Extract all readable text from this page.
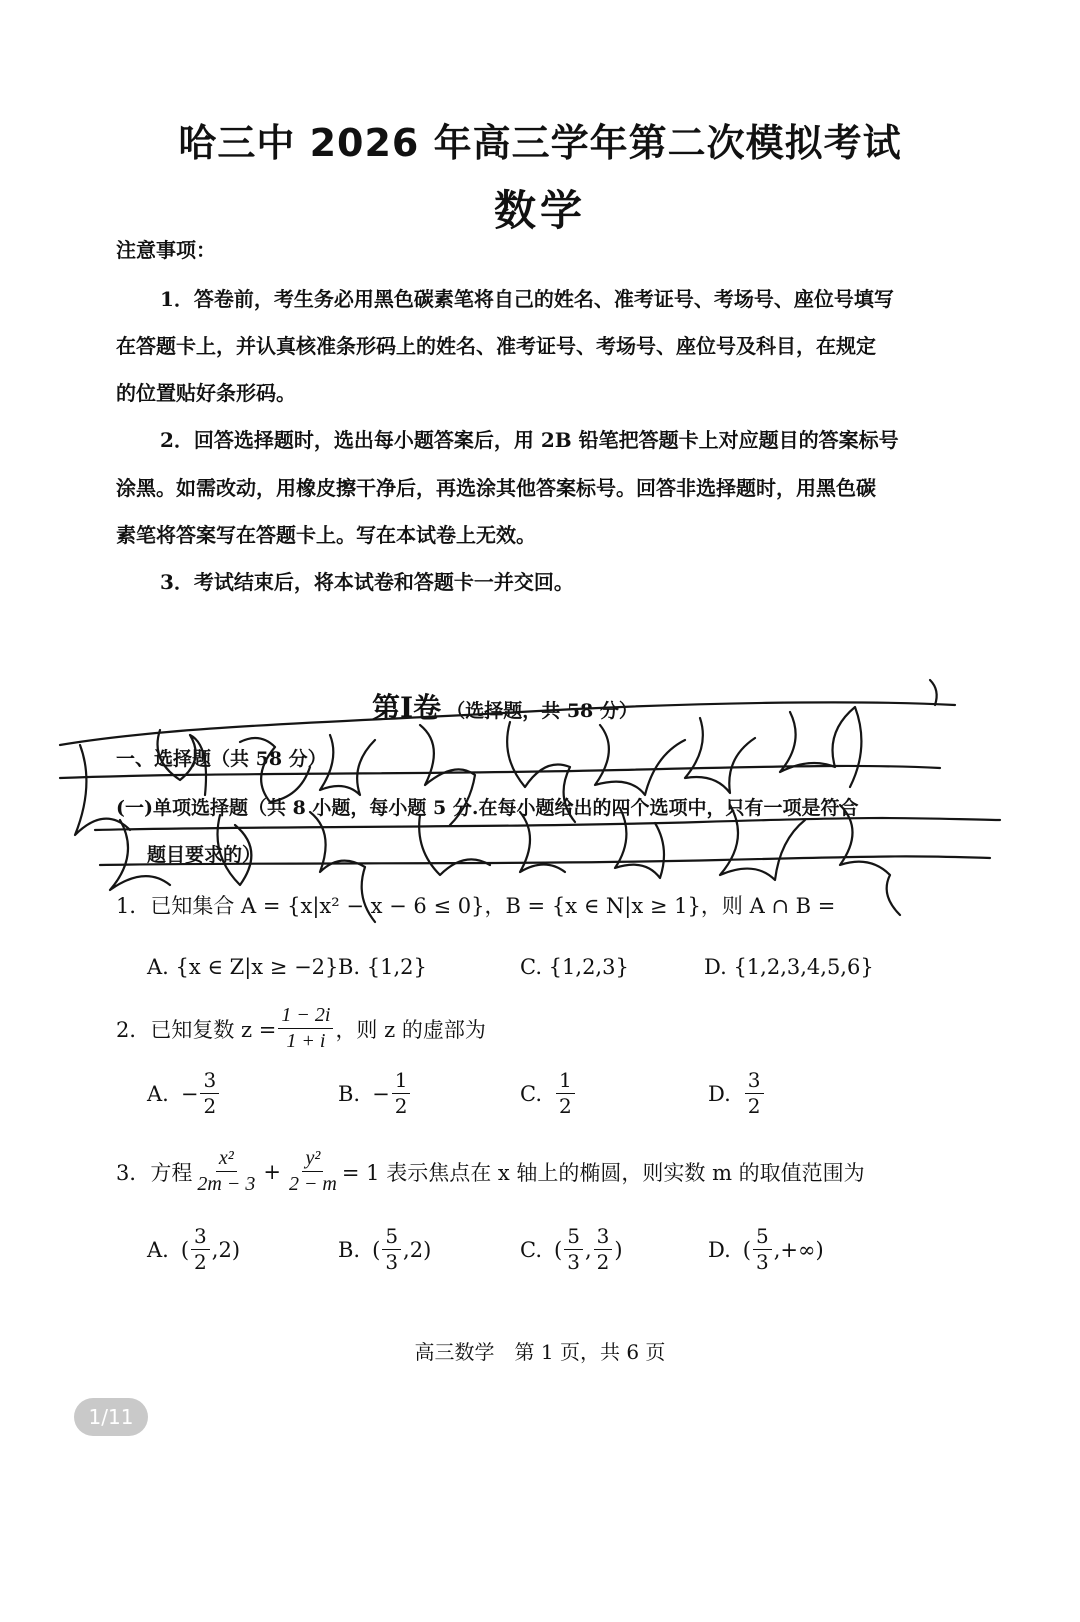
哈三中 2026 年高三学年第二次模拟考试
数学
注意事项：
1．答卷前，考生务必用黑色碳素笔将自己的姓名、准考证号、考场号、座位号填写
在答题卡上，并认真核准条形码上的姓名、准考证号、考场号、座位号及科目，在规定
的位置贴好条形码。
2．回答选择题时，选出每小题答案后，用 2B 铅笔把答题卡上对应题目的答案标号
涂黑。如需改动，用橡皮擦干净后，再选涂其他答案标号。回答非选择题时，用黑色碳
素笔将答案写在答题卡上。写在本试卷上无效。
3．考试结束后，将本试卷和答题卡一并交回。
第Ⅰ卷 （选择题，共 58 分）
一、选择题（共 58 分）
(一)单项选择题（共 8 小题，每小题 5 分.在每小题给出的四个选项中，只有一项是符合
题目要求的）
1．已知集合 A = {x|x² − x − 6 ≤ 0}，B = {x ∈ N|x ≥ 1}，则 A ∩ B =
A. {x ∈ Z|x ≥ −2} B. {1,2}	C. {1,2,3}	D. {1,2,3,4,5,6}
2．已知复数 $z = \frac{1 - 2i}{1 + i}$ ，则 z 的虚部为
A. − $\frac{3}{2}$	B. − $\frac{1}{2}$	C. $\frac{1}{2}$	D. $\frac{3}{2}$
3．方程 $\frac{\text{x²}}{2m - 3} + \frac{\text{y²}}{2 - m} = 1$ 表示焦点在 x 轴上的椭圆，则实数 m 的取值范围为
A. ( $\frac{3}{2}$ , 2)	B. ( $\frac{5}{3}$ , 2)	C. ( $\frac{5}{3}$ , $\frac{3}{2}$ )	D. ( $\frac{5}{3}$ , +∞)
高三数学　第 1 页，共 6 页
1/11
